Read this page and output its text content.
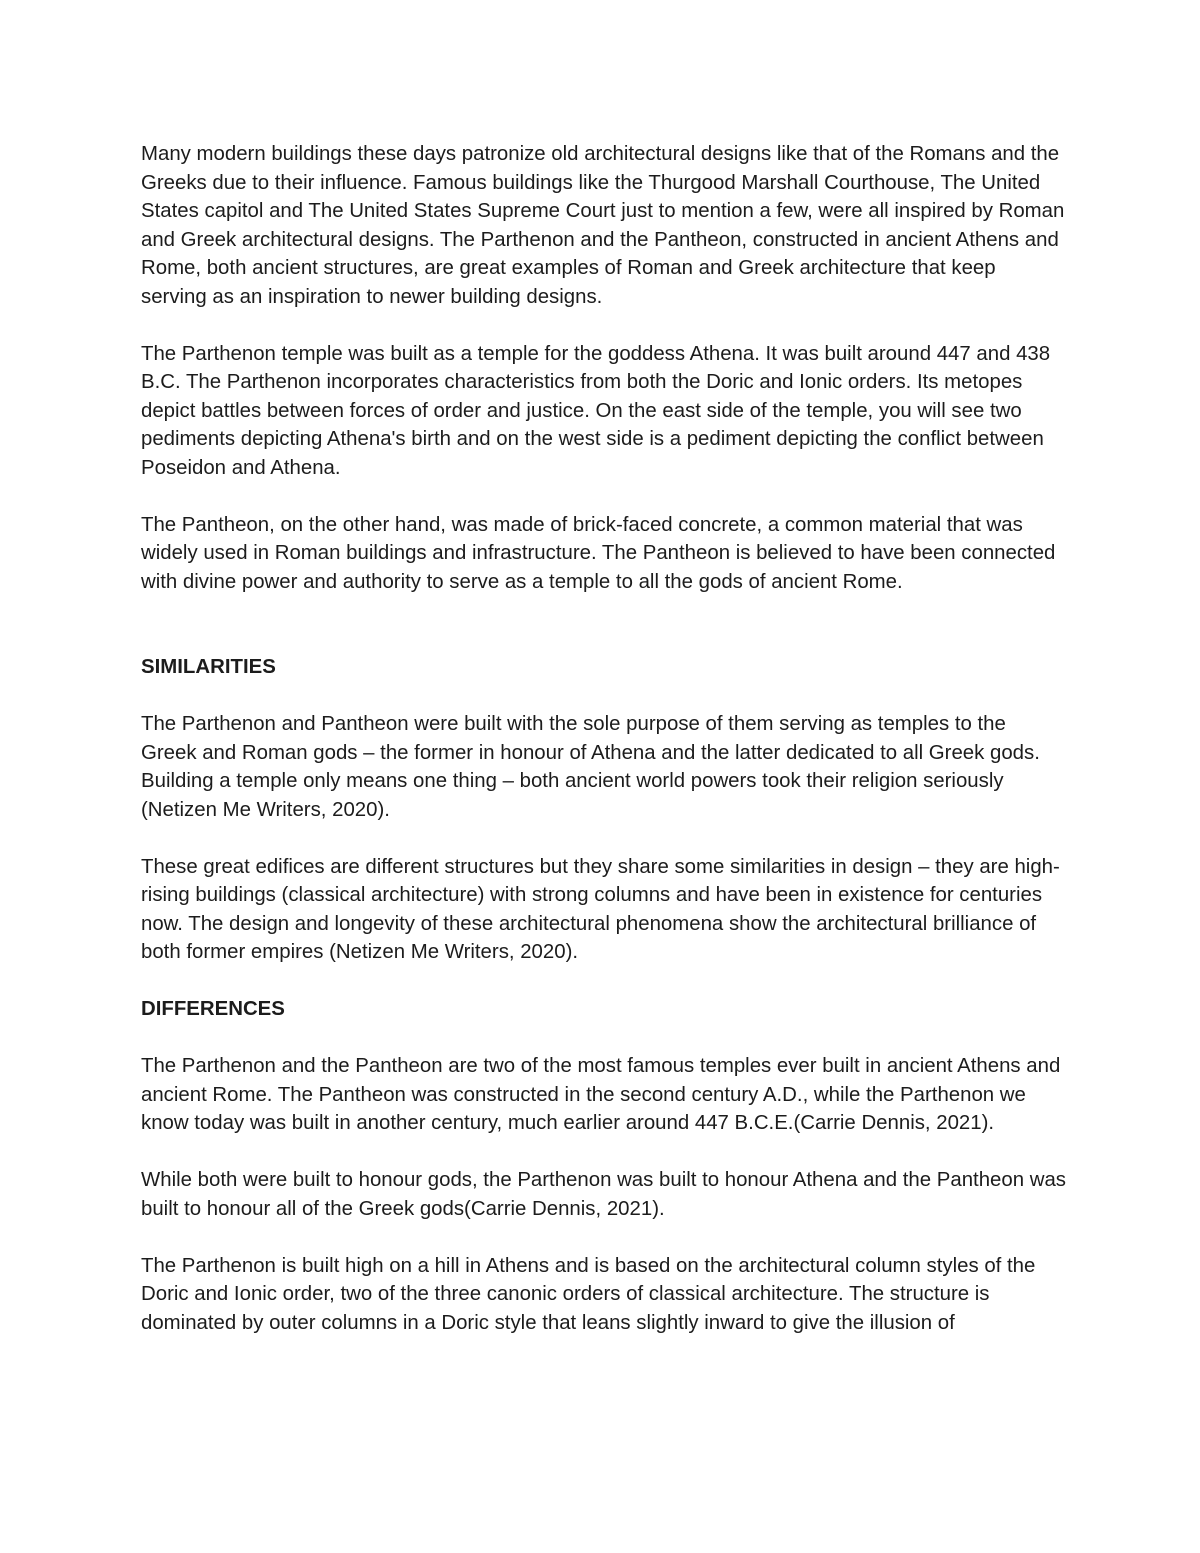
Many modern buildings these days patronize old architectural designs like that of the Romans and the Greeks due to their influence. Famous buildings like the Thurgood Marshall Courthouse, The United States capitol and The United States Supreme Court just to mention a few, were all inspired by Roman and Greek architectural designs. The Parthenon and the Pantheon, constructed in ancient Athens and Rome, both ancient structures, are great examples of Roman and Greek architecture that keep serving as an inspiration to newer building designs.

The Parthenon temple was built as a temple for the goddess Athena. It was built around 447 and 438 B.C. The Parthenon incorporates characteristics from both the Doric and Ionic orders. Its metopes depict battles between forces of order and justice. On the east side of the temple, you will see two pediments depicting Athena's birth and on the west side is a pediment depicting the conflict between Poseidon and Athena.

The Pantheon, on the other hand, was made of brick-faced concrete, a common material that was widely used in Roman buildings and infrastructure. The Pantheon is believed to have been connected with divine power and authority to serve as a temple to all the gods of ancient Rome.

SIMILARITIES

The Parthenon and Pantheon were built with the sole purpose of them serving as temples to the Greek and Roman gods – the former in honour of Athena and the latter dedicated to all Greek gods. Building a temple only means one thing – both ancient world powers took their religion seriously (Netizen Me Writers, 2020).

These great edifices are different structures but they share some similarities in design – they are high-rising buildings (classical architecture) with strong columns and have been in existence for centuries now. The design and longevity of these architectural phenomena show the architectural brilliance of both former empires (Netizen Me Writers, 2020).

DIFFERENCES

The Parthenon and the Pantheon are two of the most famous temples ever built in ancient Athens and ancient Rome. The Pantheon was constructed in the second century A.D., while the Parthenon we know today was built in another century, much earlier around 447 B.C.E.(Carrie Dennis, 2021).

While both were built to honour gods, the Parthenon was built to honour Athena and the Pantheon was built to honour all of the Greek gods(Carrie Dennis, 2021).

The Parthenon is built high on a hill in Athens and is based on the architectural column styles of the Doric and Ionic order, two of the three canonic orders of classical architecture. The structure is dominated by outer columns in a Doric style that leans slightly inward to give the illusion of
